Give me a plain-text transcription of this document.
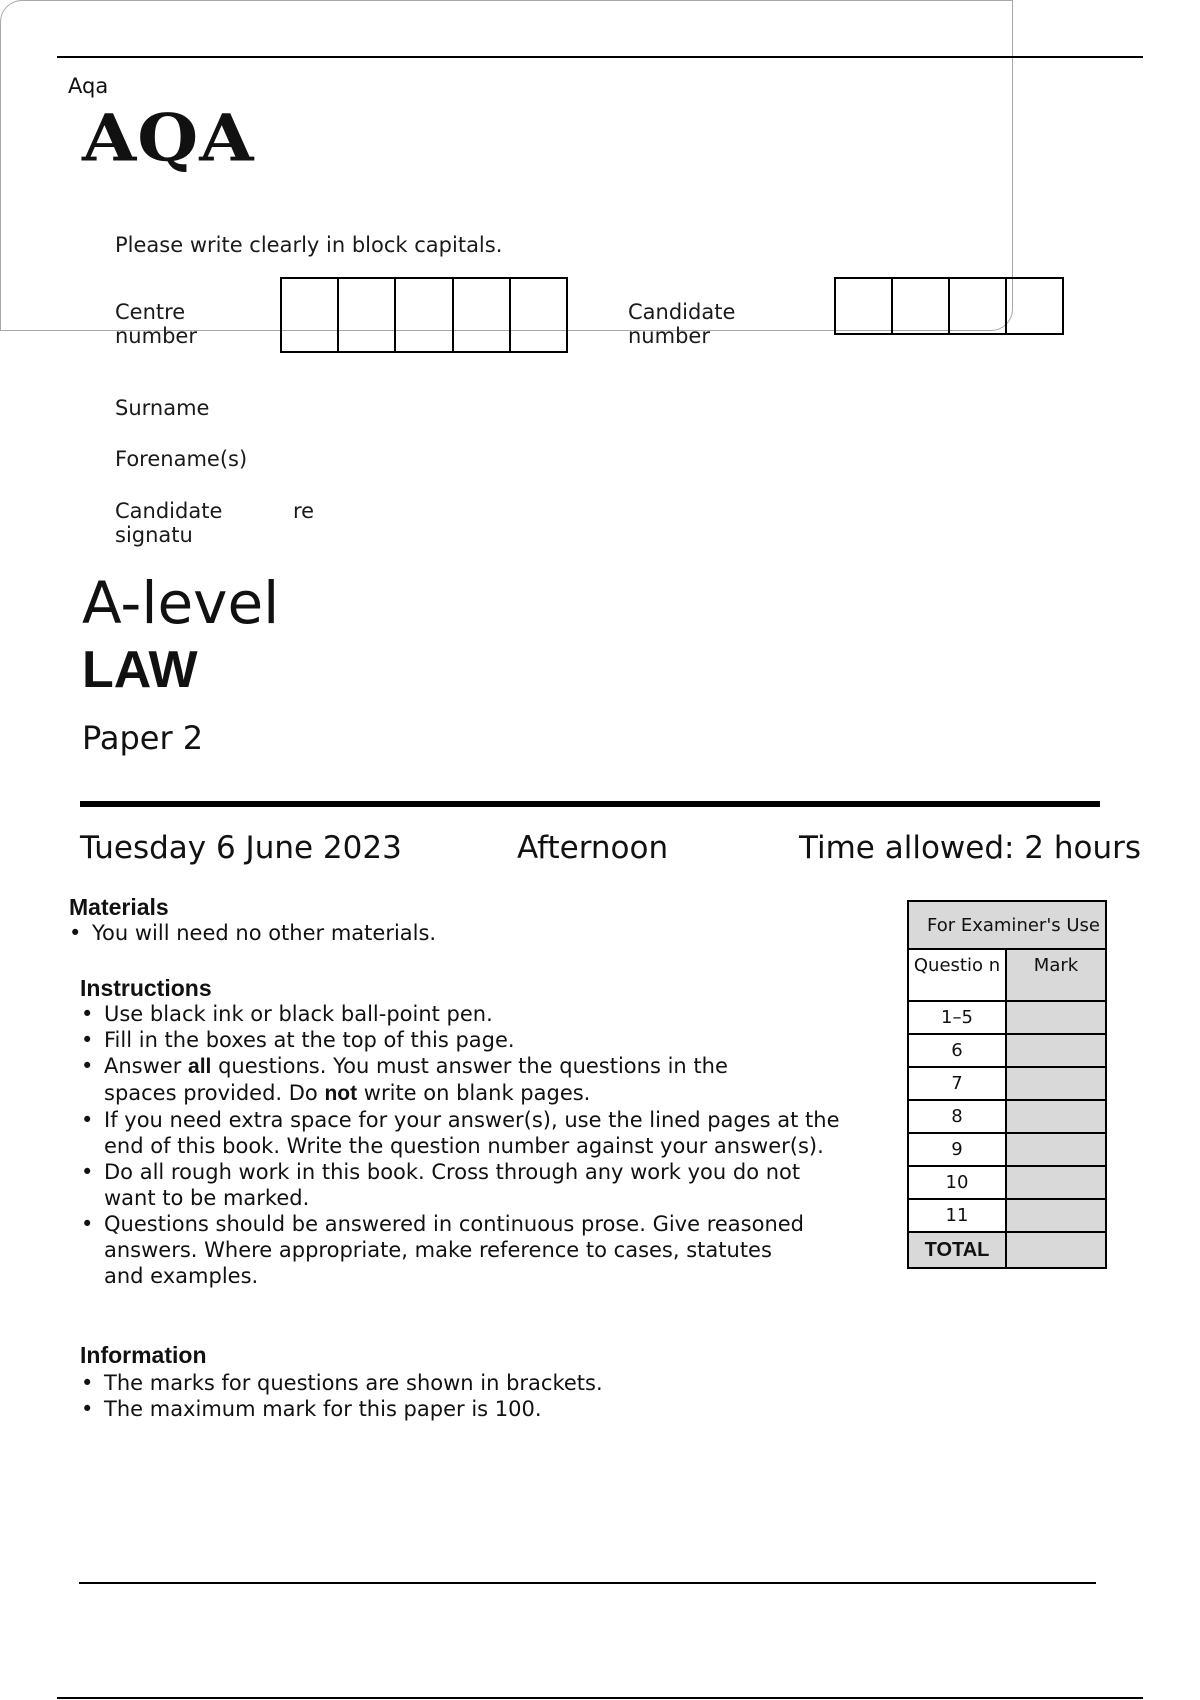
Aqa
AQA
Please write clearly in block capitals.
Centre number
Candidate number
Surname
Forename(s)
Candidate signatu
re
A-level
LAW
Paper 2
Tuesday 6 June 2023	Afternoon	Time allowed: 2 hours
Materials
• You will need no other materials.
Instructions
• Use black ink or black ball-point pen.
• Fill in the boxes at the top of this page.
• Answer all questions. You must answer the questions in the spaces provided. Do not write on blank pages.
• If you need extra space for your answer(s), use the lined pages at the end of this book. Write the question number against your answer(s).
• Do all rough work in this book. Cross through any work you do not want to be marked.
• Questions should be answered in continuous prose. Give reasoned answers. Where appropriate, make reference to cases, statutes and examples.
Information
• The marks for questions are shown in brackets.
• The maximum mark for this paper is 100.
For Examiner's Use	
Questio n	Mark
1–5	
6	
7	
8	
9	
10	
11	
TOTAL	
